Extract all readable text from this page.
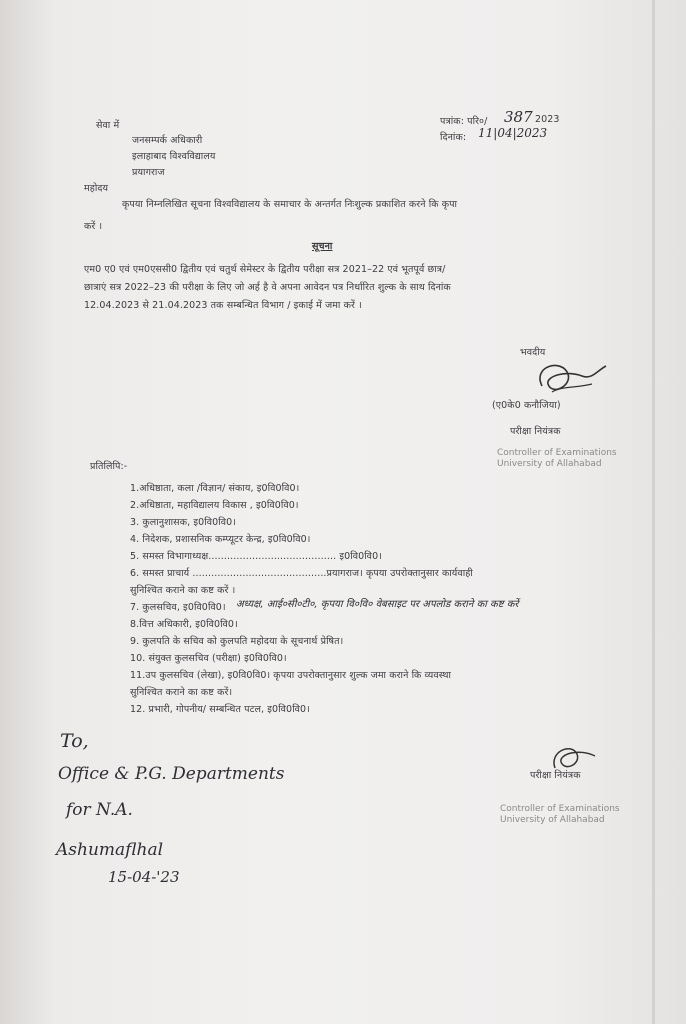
पत्रांक: परि०/ 387 2023
दिनांक: 11|04|2023
सेवा में
जनसम्पर्क अधिकारी
इलाहाबाद विश्वविद्यालय
प्रयागराज
महोदय
कृपया निम्नलिखित सूचना विश्वविद्यालय के समाचार के अन्तर्गत निःशुल्क प्रकाशित करने कि कृपा
करें ।
सूचना
एम0 ए0 एवं एम0एससी0 द्वितीय एवं चतुर्थ सेमेस्टर के द्वितीय परीक्षा सत्र 2021–22 एवं भूतपूर्व छात्र/
छात्राएं सत्र 2022–23 की परीक्षा के लिए जो अर्ह है वे अपना आवेदन पत्र निर्धारित शुल्क के साथ दिनांक
12.04.2023 से 21.04.2023 तक सम्बन्धित विभाग / इकाई में जमा करें ।
भवदीय
(ए0के0 कनौजिया)
परीक्षा नियंत्रक
Controller of Examinations
University of Allahabad
प्रतिलिपि:-
1.अधिष्ठाता, कला /विज्ञान/ संकाय, इ0वि0वि0।
2.अधिष्ठाता, महाविद्यालय विकास , इ0वि0वि0।
3. कुलानुशासक, इ0वि0वि0।
4. निदेशक, प्रशासनिक कम्प्यूटर केन्द्र, इ0वि0वि0।
5. समस्त विभागाध्यक्ष......................................... इ0वि0वि0।
6. समस्त प्राचार्य ...........................................प्रयागराज। कृपया उपरोक्तानुसार कार्यवाही
सुनिश्चित कराने का कष्ट करें ।
7. कुलसचिव, इ0वि0वि0। अध्यक्ष, आई०सी०टी०, कृपया वि०वि० वेबसाइट पर अपलोड कराने का कष्ट करें
8.वित्त अधिकारी, इ0वि0वि0।
9. कुलपति के सचिव को कुलपति महोदया के सूचनार्थ प्रेषित।
10. संयुक्त कुलसचिव (परीक्षा) इ0वि0वि0।
11.उप कुलसचिव (लेखा), इ0वि0वि0। कृपया उपरोक्तानुसार शुल्क जमा कराने कि व्यवस्था
सुनिश्चित कराने का कष्ट करें।
12. प्रभारी, गोपनीय/ सम्बन्धित पटल, इ0वि0वि0।
परीक्षा नियंत्रक
Controller of Examinations
University of Allahabad
To,
Office & P.G. Departments
for N.A.
Ashumaflhal
15-04-'23
